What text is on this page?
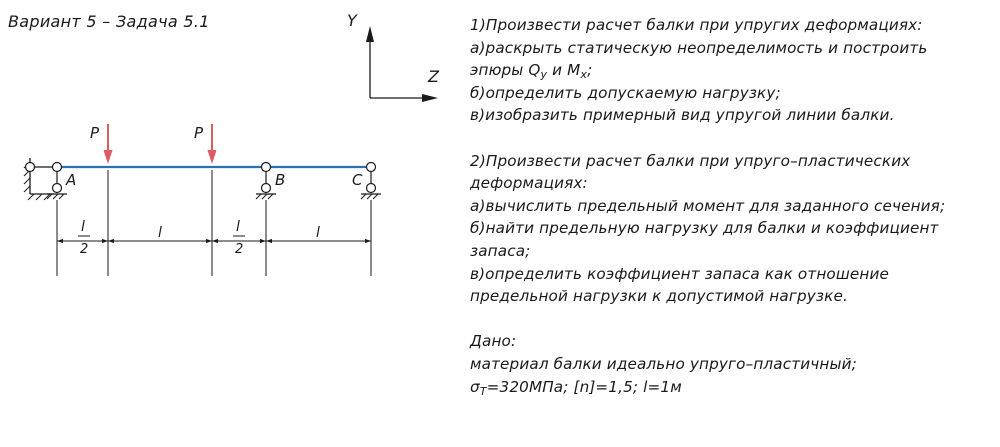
Вариант 5 – Задача 5.1	Y
Z
A	B	C
P	P
l
2
l	l
2
l
1)Произвести расчет балки при упругих деформациях:
а)раскрыть статическую неопределимость и построить
эпюры $Q_y$ и $M_x$;
б)определить допускаемую нагрузку;
в)изобразить примерный вид упругой линии балки.
2)Произвести расчет балки при упруго–пластических
деформациях:
а)вычислить предельный момент для заданного сечения;
б)найти предельную нагрузку для балки и коэффициент
запаса;
в)определить коэффициент запаса как отношение
предельной нагрузки к допустимой нагрузке.
Дано:
материал балки идеально упруго–пластичный;
$\sigma_T=320МПа$; [n]=1,5; l=1м
